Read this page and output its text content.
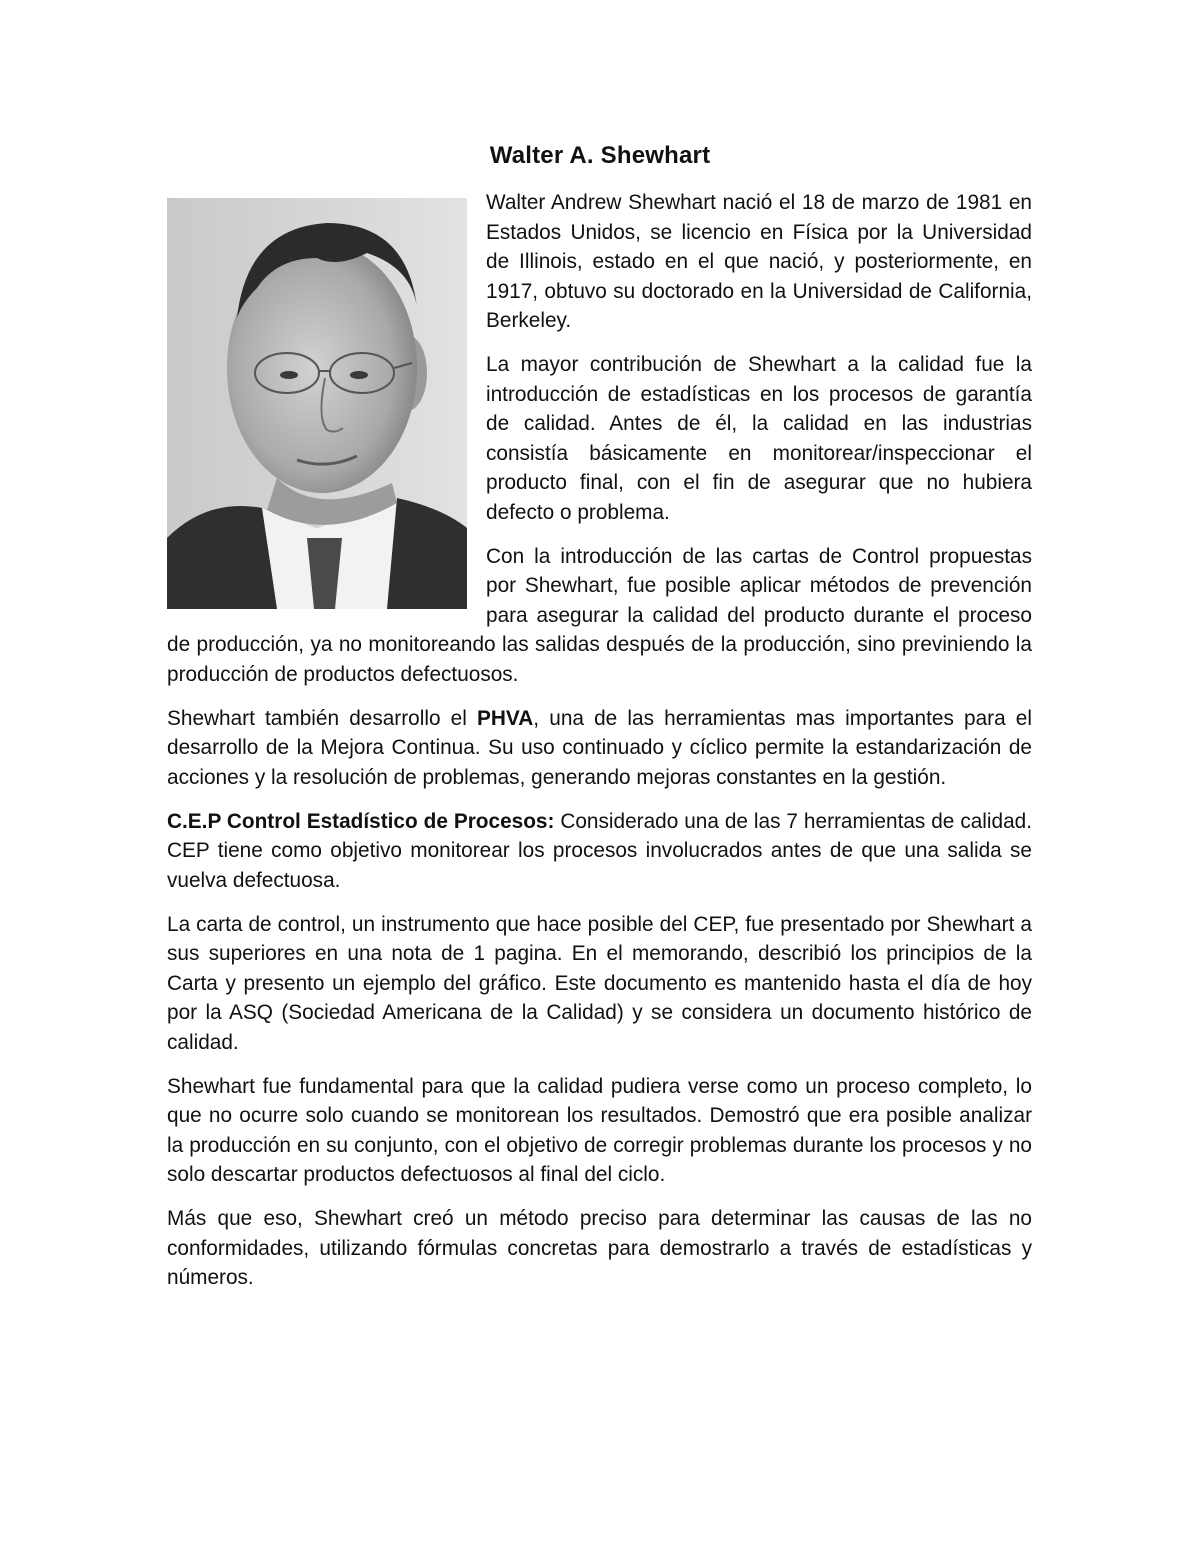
Walter A. Shewhart

Walter Andrew Shewhart nació el 18 de marzo de 1981 en Estados Unidos, se licencio en Física por la Universidad de Illinois, estado en el que nació, y posteriormente, en 1917, obtuvo su doctorado en la Universidad de California, Berkeley.

La mayor contribución de Shewhart a la calidad fue la introducción de estadísticas en los procesos de garantía de calidad. Antes de él, la calidad en las industrias consistía básicamente en monitorear/inspeccionar el producto final, con el fin de asegurar que no hubiera defecto o problema.

Con la introducción de las cartas de Control propuestas por Shewhart, fue posible aplicar métodos de prevención para asegurar la calidad del producto durante el proceso de producción, ya no monitoreando las salidas después de la producción, sino previniendo la producción de productos defectuosos.

Shewhart también desarrollo el PHVA, una de las herramientas mas importantes para el desarrollo de la Mejora Continua. Su uso continuado y cíclico permite la estandarización de acciones y la resolución de problemas, generando mejoras constantes en la gestión.

C.E.P Control Estadístico de Procesos: Considerado una de las 7 herramientas de calidad. CEP tiene como objetivo monitorear los procesos involucrados antes de que una salida se vuelva defectuosa.

La carta de control, un instrumento que hace posible del CEP, fue presentado por Shewhart a sus superiores en una nota de 1 pagina. En el memorando, describió los principios de la Carta y presento un ejemplo del gráfico. Este documento es mantenido hasta el día de hoy por la ASQ (Sociedad Americana de la Calidad) y se considera un documento histórico de calidad.

Shewhart fue fundamental para que la calidad pudiera verse como un proceso completo, lo que no ocurre solo cuando se monitorean los resultados. Demostró que era posible analizar la producción en su conjunto, con el objetivo de corregir problemas durante los procesos y no solo descartar productos defectuosos al final del ciclo.

Más que eso, Shewhart creó un método preciso para determinar las causas de las no conformidades, utilizando fórmulas concretas para demostrarlo a través de estadísticas y números.
